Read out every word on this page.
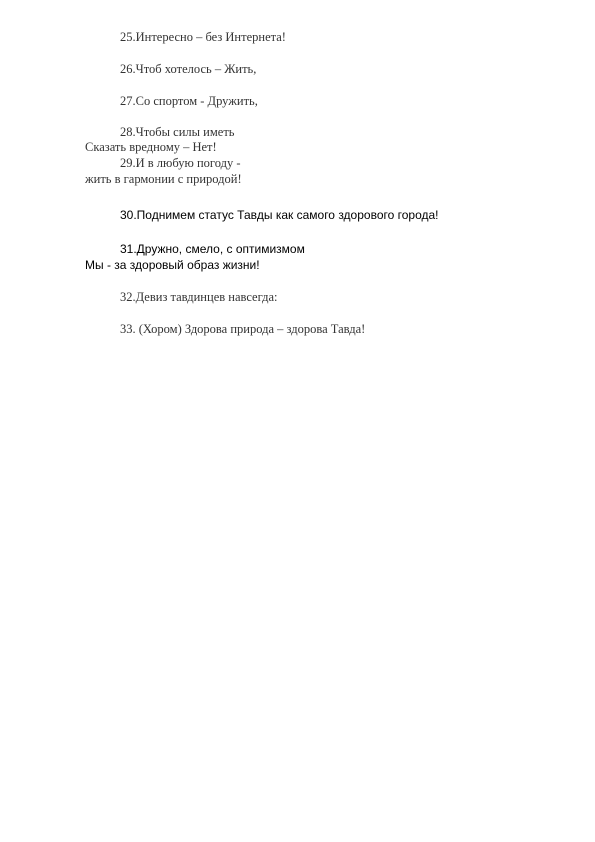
25.Интересно – без Интернета!
26.Чтоб хотелось – Жить,
27.Со спортом - Дружить,
28.Чтобы силы иметь
Сказать вредному – Нет!
29.И в любую погоду -
жить в гармонии с природой!
30.Поднимем статус Тавды как самого здорового города!
31.Дружно, смело, с оптимизмом
Мы - за здоровый образ жизни!
32.Девиз тавдинцев навсегда:
33. (Хором) Здорова природа – здорова Тавда!
